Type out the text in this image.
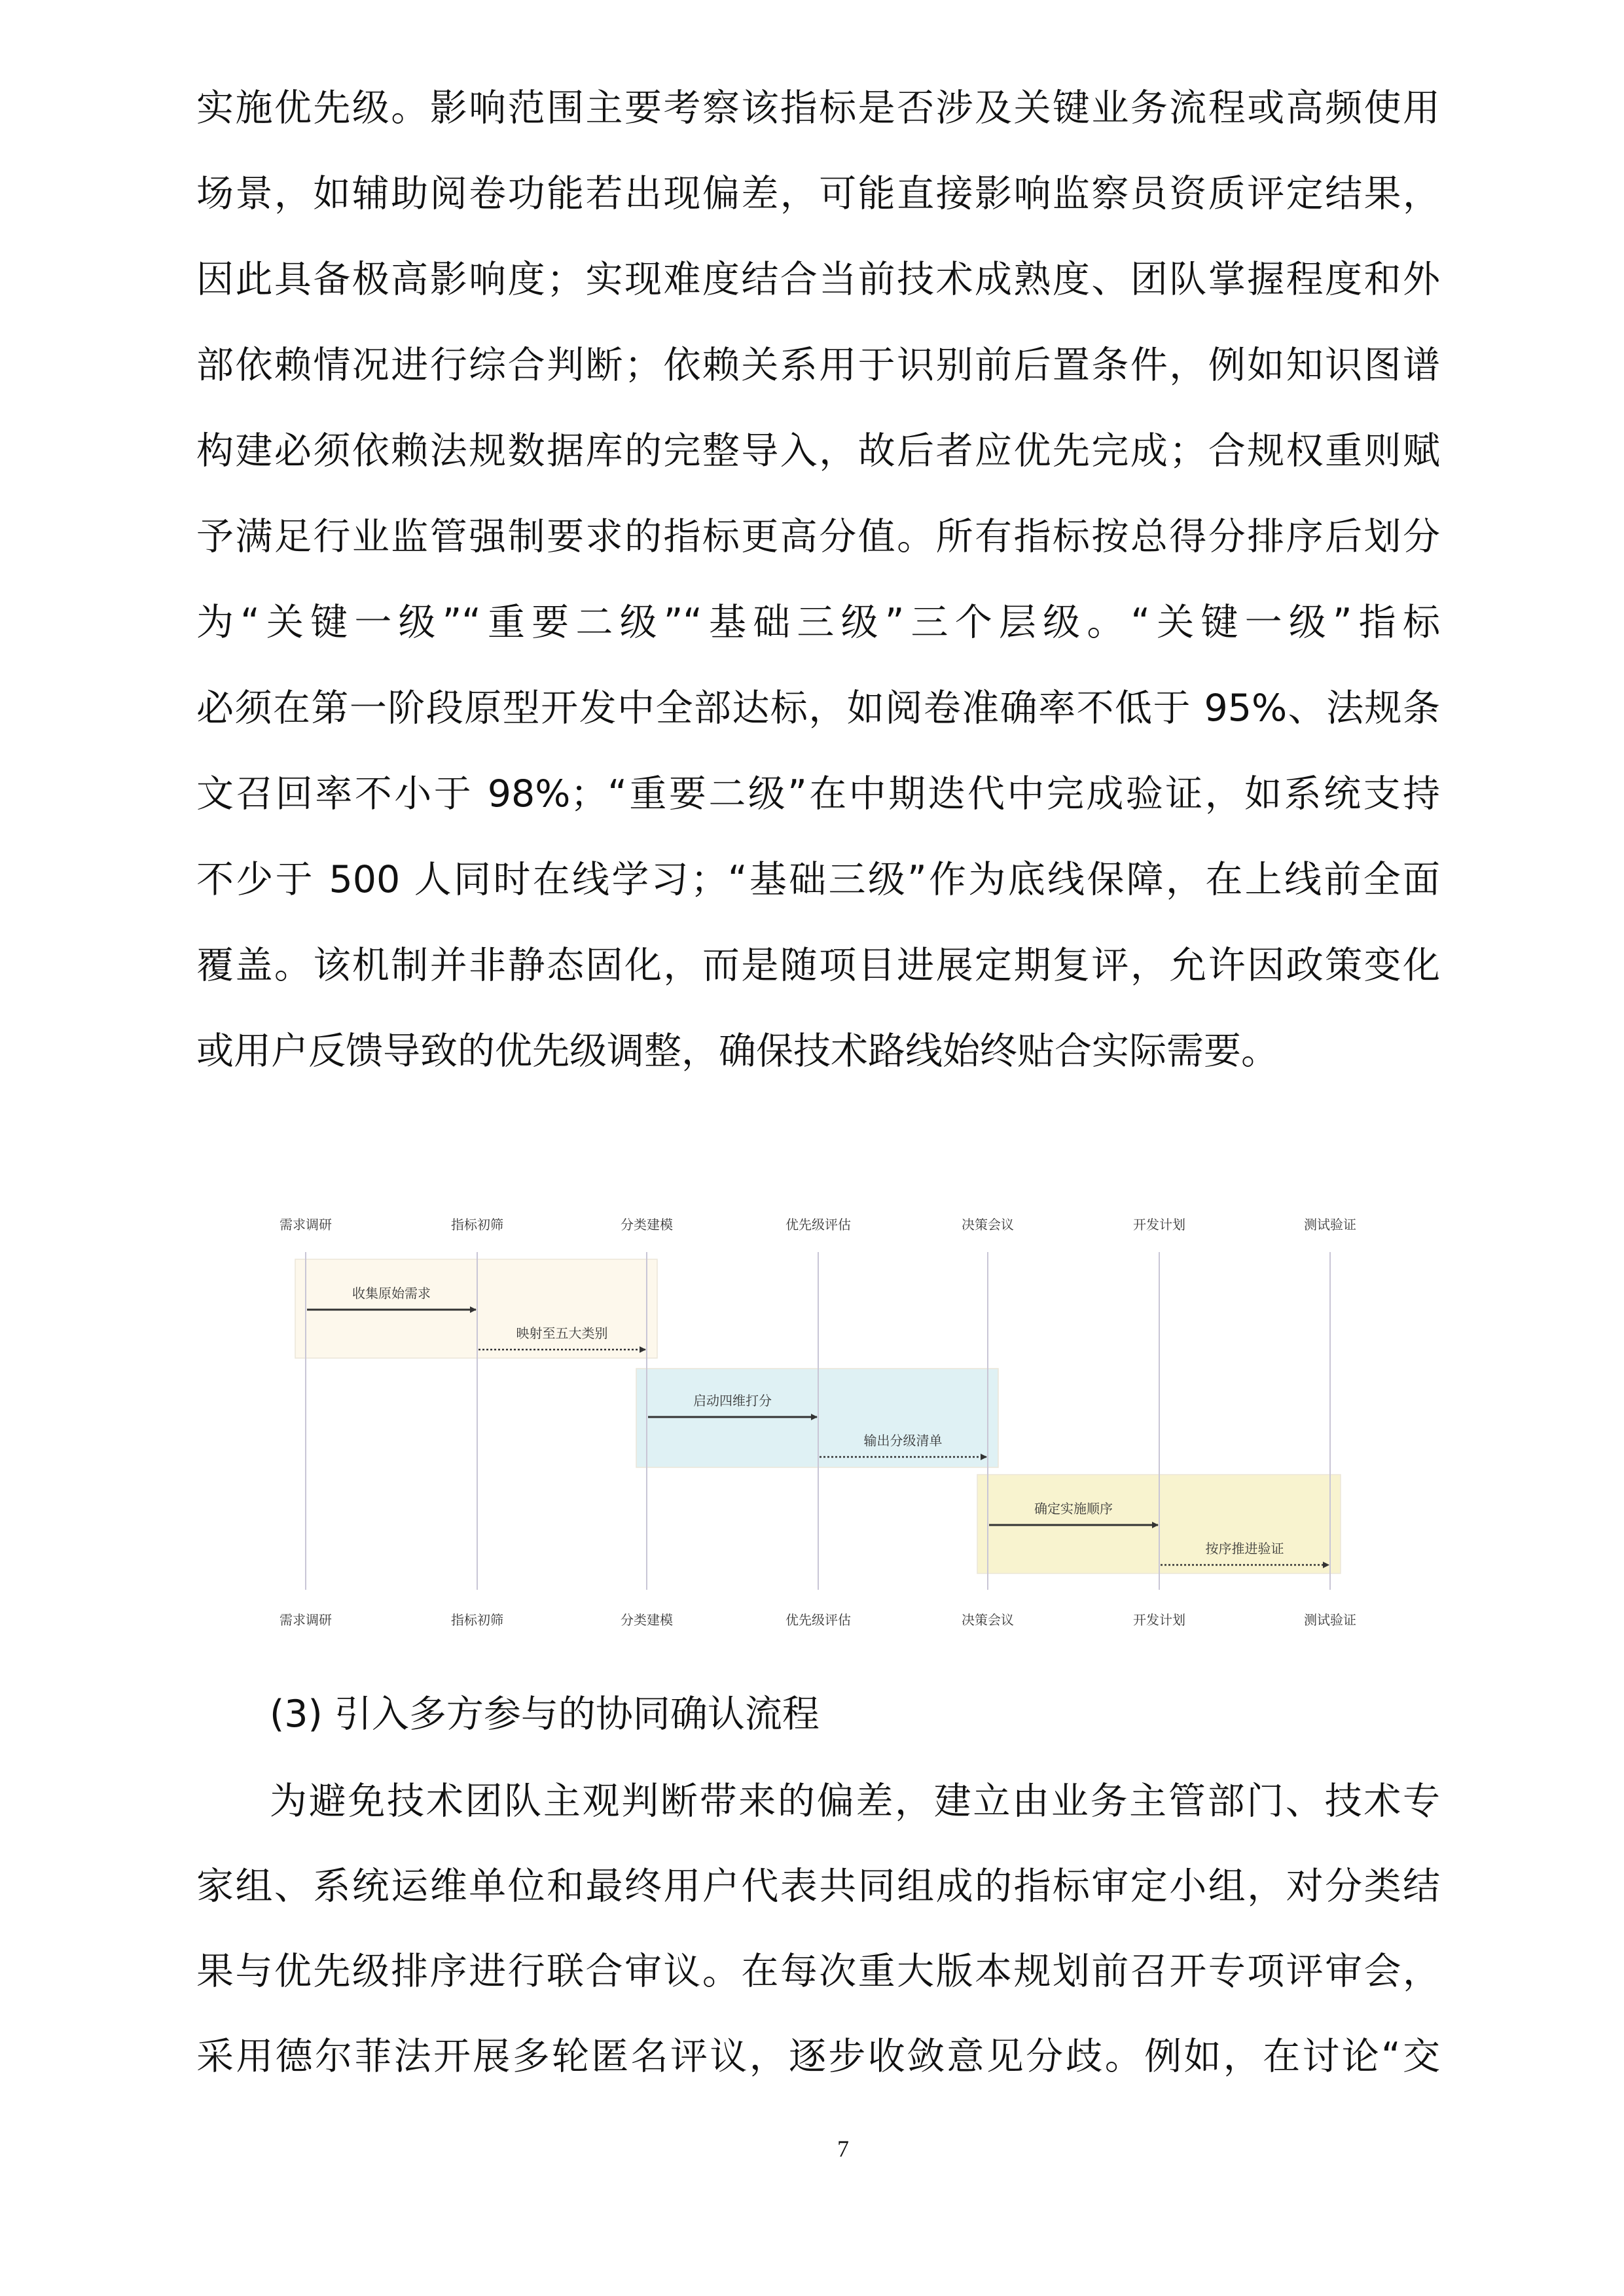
实施优先级。影响范围主要考察该指标是否涉及关键业务流程或高频使用
场景，如辅助阅卷功能若出现偏差，可能直接影响监察员资质评定结果，
因此具备极高影响度；实现难度结合当前技术成熟度、团队掌握程度和外
部依赖情况进行综合判断；依赖关系用于识别前后置条件，例如知识图谱
构建必须依赖法规数据库的完整导入，故后者应优先完成；合规权重则赋
予满足行业监管强制要求的指标更高分值。所有指标按总得分排序后划分
为“关键一级”“重要二级”“基础三级”三个层级。“关键一级”指标
必须在第一阶段原型开发中全部达标，如阅卷准确率不低于 95%、法规条
文召回率不小于 98%；“重要二级”在中期迭代中完成验证，如系统支持
不少于 500 人同时在线学习；“基础三级”作为底线保障，在上线前全面
覆盖。该机制并非静态固化，而是随项目进展定期复评，允许因政策变化
或用户反馈导致的优先级调整，确保技术路线始终贴合实际需要。
需求调研
需求调研
指标初筛
指标初筛
分类建模
分类建模
优先级评估
优先级评估
决策会议
决策会议
开发计划
开发计划
测试验证
测试验证
收集原始需求
映射至五大类别
启动四维打分
输出分级清单
确定实施顺序
按序推进验证
(3) 引入多方参与的协同确认流程
为避免技术团队主观判断带来的偏差，建立由业务主管部门、技术专
家组、系统运维单位和最终用户代表共同组成的指标审定小组，对分类结
果与优先级排序进行联合审议。在每次重大版本规划前召开专项评审会，
采用德尔菲法开展多轮匿名评议，逐步收敛意见分歧。例如，在讨论“交
7
